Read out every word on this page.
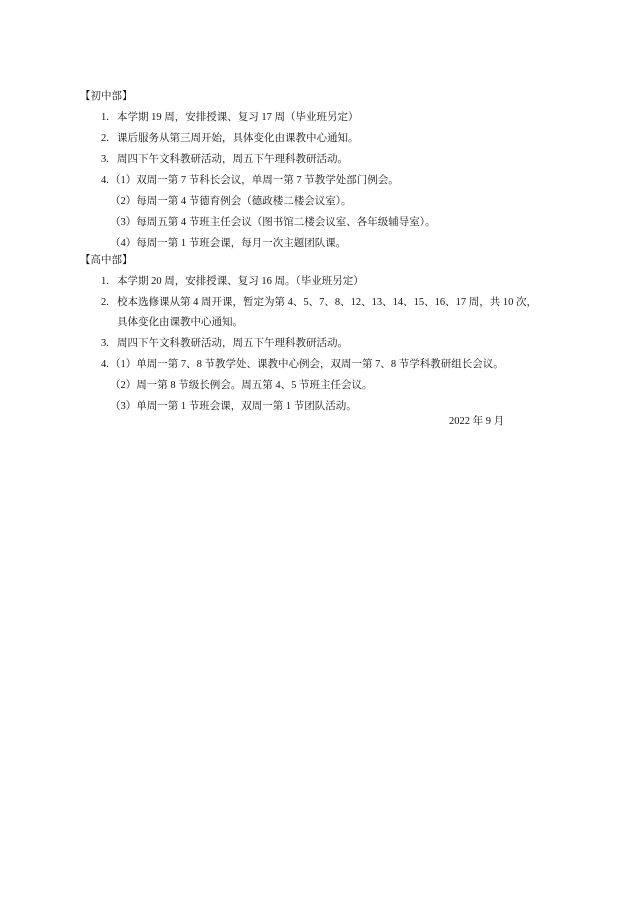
【初中部】
1. 本学期 19 周，安排授课、复习 17 周（毕业班另定）
2. 课后服务从第三周开始，具体变化由课教中心通知。
3. 周四下午文科教研活动，周五下午理科教研活动。
4. （1）双周一第 7 节科长会议，单周一第 7 节教学处部门例会。
（2）每周一第 4 节德育例会（德政楼二楼会议室）。
（3）每周五第 4 节班主任会议（图书馆二楼会议室、各年级辅导室）。
（4）每周一第 1 节班会课，每月一次主题团队课。
【高中部】
1. 本学期 20 周，安排授课、复习 16 周。（毕业班另定）
2. 校本选修课从第 4 周开课，暂定为第 4、5、7、8、12、13、14、15、16、17 周，共 10 次，
具体变化由课教中心通知。
3. 周四下午文科教研活动，周五下午理科教研活动。
4. （1）单周一第 7、8 节教学处、课教中心例会，双周一第 7、8 节学科教研组长会议。
（2）周一第 8 节级长例会。周五第 4、5 节班主任会议。
（3）单周一第 1 节班会课，双周一第 1 节团队活动。
2022 年 9 月
